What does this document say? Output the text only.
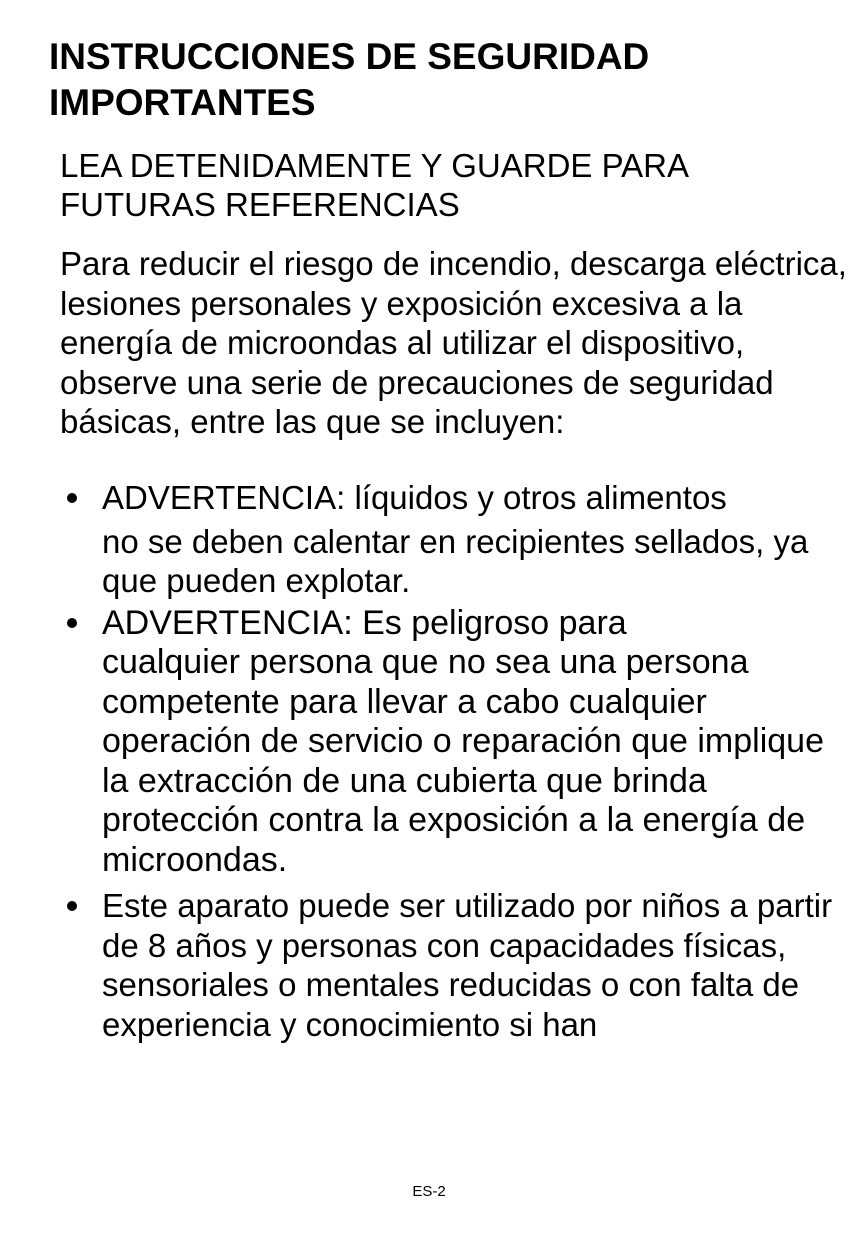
INSTRUCCIONES DE SEGURIDAD
IMPORTANTES

LEA DETENIDAMENTE Y GUARDE PARA
FUTURAS REFERENCIAS

Para reducir el riesgo de incendio, descarga eléctrica, lesiones personales y exposición excesiva a la energía de microondas al utilizar el dispositivo, observe una serie de precauciones de seguridad básicas, entre las que se incluyen:

ADVERTENCIA: líquidos y otros alimentos
no se deben calentar en recipientes sellados, ya que pueden explotar.
ADVERTENCIA: Es peligroso para
cualquier persona que no sea una persona competente para llevar a cabo cualquier operación de servicio o reparación que implique la extracción de una cubierta que brinda protección contra la exposición a la energía de microondas.
Este aparato puede ser utilizado por niños a partir de 8 años y personas con capacidades físicas, sensoriales o mentales reducidas o con falta de experiencia y conocimiento si han
ES-2
